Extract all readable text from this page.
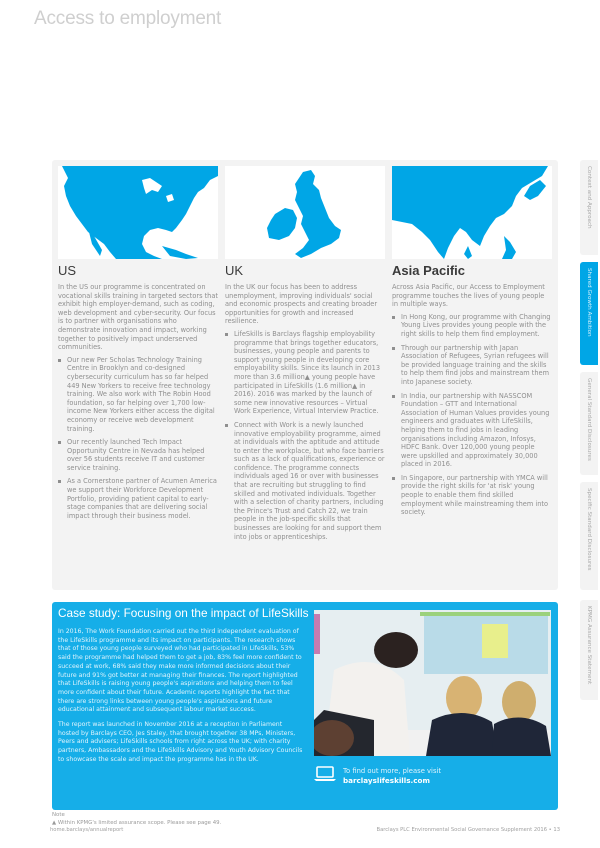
Access to employment
US

In the US our programme is concentrated on vocational skills training in targeted sectors that exhibit high employer-demand, such as coding, web development and cyber-security. Our focus is to partner with organisations who demonstrate innovation and impact, working together to positively impact underserved communities.

Our new Per Scholas Technology Training Centre in Brooklyn and co-designed cybersecurity curriculum has so far helped 449 New Yorkers to receive free technology training. We also work with The Robin Hood foundation, so far helping over 1,700 low-income New Yorkers either access the digital economy or receive web development training.
Our recently launched Tech Impact Opportunity Centre in Nevada has helped over 56 students receive IT and customer service training.
As a Cornerstone partner of Acumen America we support their Workforce Development Portfolio, providing patient capital to early-stage companies that are delivering social impact through their business model.
UK

In the UK our focus has been to address unemployment, improving individuals' social and economic prospects and creating broader opportunities for growth and increased resilience.

LifeSkills is Barclays flagship employability programme that brings together educators, businesses, young people and parents to support young people in developing core employability skills. Since its launch in 2013 more than 3.6 million▲ young people have participated in LifeSkills (1.6 million▲ in 2016). 2016 was marked by the launch of some new innovative resources – Virtual Work Experience, Virtual Interview Practice.
Connect with Work is a newly launched innovative employability programme, aimed at individuals with the aptitude and attitude to enter the workplace, but who face barriers such as a lack of qualifications, experience or confidence. The programme connects individuals aged 16 or over with businesses that are recruiting but struggling to find skilled and motivated individuals. Together with a selection of charity partners, including the Prince's Trust and Catch 22, we train people in the job-specific skills that businesses are looking for and support them into jobs or apprenticeships.
Asia Pacific

Across Asia Pacific, our Access to Employment programme touches the lives of young people in multiple ways.

In Hong Kong, our programme with Changing Young Lives provides young people with the right skills to help them find employment.
Through our partnership with Japan Association of Refugees, Syrian refugees will be provided language training and the skills to help them find jobs and mainstream them into Japanese society.
In India, our partnership with NASSCOM Foundation – GTT and International Association of Human Values provides young engineers and graduates with LifeSkills, helping them to find jobs in leading organisations including Amazon, Infosys, HDFC Bank. Over 120,000 young people were upskilled and approximately 30,000 placed in 2016.
In Singapore, our partnership with YMCA will provide the right skills for 'at risk' young people to enable them find skilled employment while mainstreaming them into society.
Context and Approach
Shared Growth Ambition
General Standard Disclosures
Specific Standard Disclosures
KPMG Assurance Statement
Case study: Focusing on the impact of LifeSkills

In 2016, The Work Foundation carried out the third independent evaluation of the LifeSkills programme and its impact on participants. The research shows that of those young people surveyed who had participated in LifeSkills, 53% said the programme had helped them to get a job, 83% feel more confident to succeed at work, 68% said they make more informed decisions about their future and 91% got better at managing their finances. The report highlighted that LifeSkills is raising young people's aspirations and helping them to feel more confident about their future. Academic reports highlight the fact that there are strong links between young people's aspirations and future educational attainment and subsequent labour market success.

The report was launched in November 2016 at a reception in Parliament hosted by Barclays CEO, Jes Staley, that brought together 38 MPs, Ministers, Peers and advisers; LifeSkills schools from right across the UK; with charity partners, Ambassadors and the LifeSkills Advisory and Youth Advisory Councils to showcase the scale and impact the programme has in the UK.

To find out more, please visit
barclayslifeskills.com
Note
▲ Within KPMG's limited assurance scope. Please see page 49.
home.barclays/annualreport	Barclays PLC Environmental Social Governance Supplement 2016 • 13
